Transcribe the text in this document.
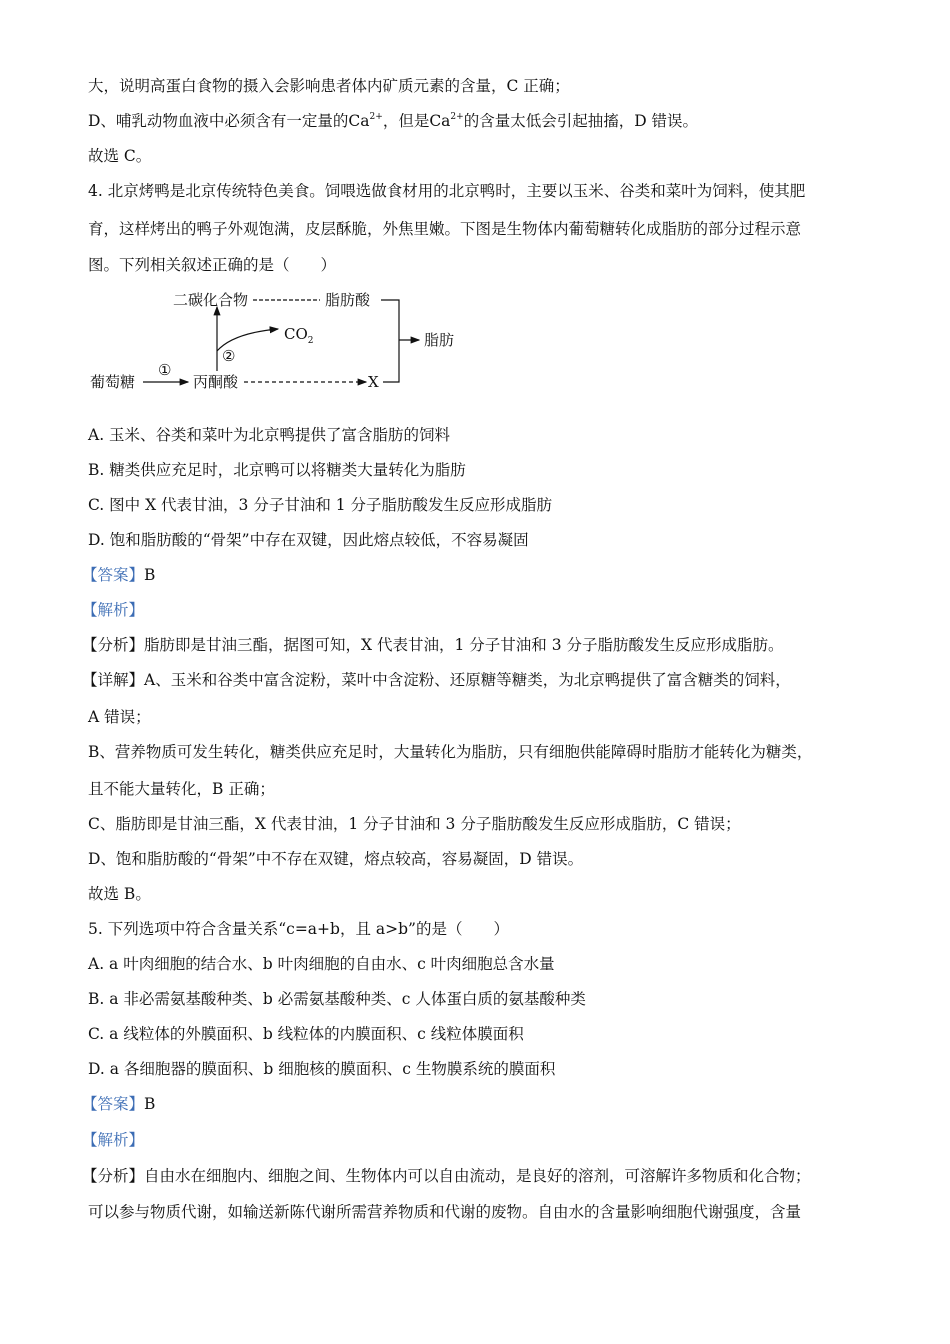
大，说明高蛋白食物的摄入会影响患者体内矿质元素的含量，C 正确；
D、哺乳动物血液中必须含有一定量的$Ca^{2+}$，但是$Ca^{2+}$的含量太低会引起抽搐，D 错误。
故选 C。
4. 北京烤鸭是北京传统特色美食。饲喂选做食材用的北京鸭时，主要以玉米、谷类和菜叶为饲料，使其肥
育，这样烤出的鸭子外观饱满，皮层酥脆，外焦里嫩。下图是生物体内葡萄糖转化成脂肪的部分过程示意
图。下列相关叙述正确的是（　　）
葡萄糖
①
丙酮酸	X
②
$CO_2$
二碳化合物	脂肪酸
脂肪
A. 玉米、谷类和菜叶为北京鸭提供了富含脂肪的饲料
B. 糖类供应充足时，北京鸭可以将糖类大量转化为脂肪
C. 图中 X 代表甘油，3 分子甘油和 1 分子脂肪酸发生反应形成脂肪
D. 饱和脂肪酸的“骨架”中存在双键，因此熔点较低，不容易凝固
【答案】B
【解析】
【分析】脂肪即是甘油三酯，据图可知，X 代表甘油，1 分子甘油和 3 分子脂肪酸发生反应形成脂肪。
【详解】A、玉米和谷类中富含淀粉，菜叶中含淀粉、还原糖等糖类，为北京鸭提供了富含糖类的饲料，
A 错误；
B、营养物质可发生转化，糖类供应充足时，大量转化为脂肪，只有细胞供能障碍时脂肪才能转化为糖类，
且不能大量转化，B 正确；
C、脂肪即是甘油三酯，X 代表甘油，1 分子甘油和 3 分子脂肪酸发生反应形成脂肪，C 错误；
D、饱和脂肪酸的“骨架”中不存在双键，熔点较高，容易凝固，D 错误。
故选 B。
5. 下列选项中符合含量关系“c=a+b，且 a>b”的是（　　）
A. a 叶肉细胞的结合水、b 叶肉细胞的自由水、c 叶肉细胞总含水量
B. a 非必需氨基酸种类、b 必需氨基酸种类、c 人体蛋白质的氨基酸种类
C. a 线粒体的外膜面积、b 线粒体的内膜面积、c 线粒体膜面积
D. a 各细胞器的膜面积、b 细胞核的膜面积、c 生物膜系统的膜面积
【答案】B
【解析】
【分析】自由水在细胞内、细胞之间、生物体内可以自由流动，是良好的溶剂，可溶解许多物质和化合物；
可以参与物质代谢，如输送新陈代谢所需营养物质和代谢的废物。自由水的含量影响细胞代谢强度，含量
